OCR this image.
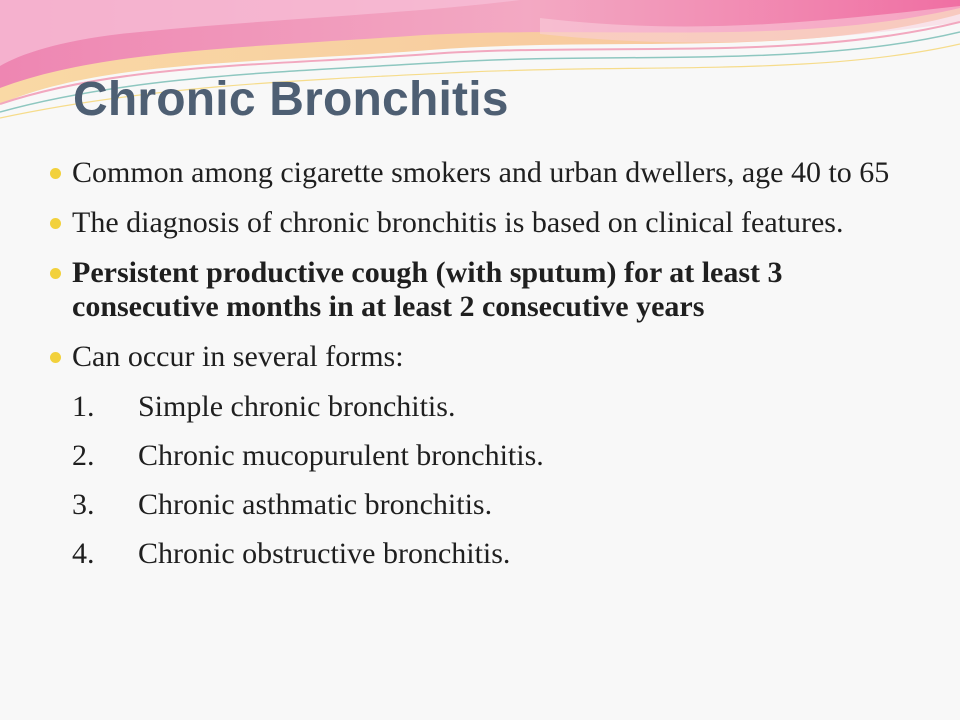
Chronic Bronchitis
Common among cigarette smokers and urban dwellers, age 40 to 65
The diagnosis of chronic bronchitis is based on clinical features.
Persistent productive cough (with sputum) for at least 3 consecutive months in at least 2 consecutive years
Can occur in several forms:
1. Simple chronic bronchitis.
2. Chronic mucopurulent bronchitis.
3. Chronic asthmatic bronchitis.
4. Chronic obstructive bronchitis.
